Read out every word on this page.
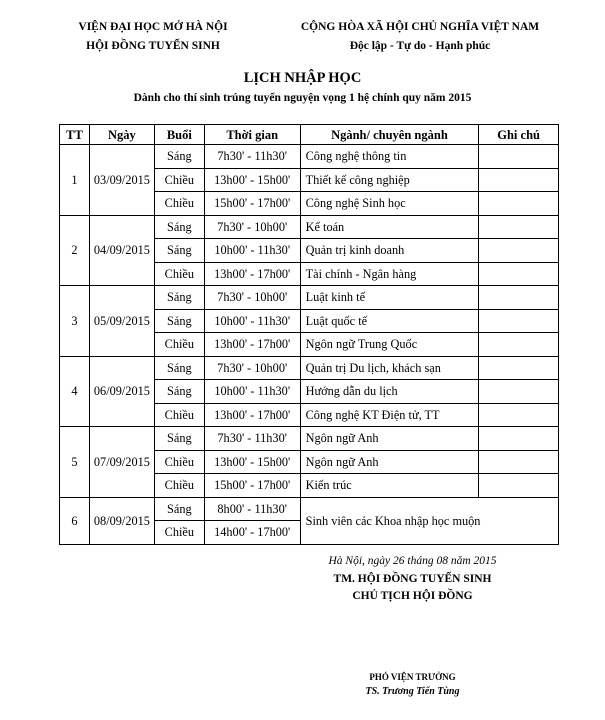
VIỆN ĐẠI HỌC MỞ HÀ NỘI
HỘI ĐỒNG TUYỂN SINH
CỘNG HÒA XÃ HỘI CHỦ NGHĨA VIỆT NAM
Độc lập - Tự do - Hạnh phúc
LỊCH NHẬP HỌC
Dành cho thí sinh trúng tuyển nguyện vọng 1 hệ chính quy năm 2015
TT	Ngày	Buổi	Thời gian	Ngành/ chuyên ngành	Ghi chú
1	03/09/2015	Sáng	7h30' - 11h30'	Công nghệ thông tin	
		Chiều	13h00' - 15h00'	Thiết kế công nghiệp	
		Chiều	15h00' - 17h00'	Công nghệ Sinh học	
2	04/09/2015	Sáng	7h30' - 10h00'	Kế toán	
		Sáng	10h00' - 11h30'	Quản trị kinh doanh	
		Chiều	13h00' - 17h00'	Tài chính - Ngân hàng	
3	05/09/2015	Sáng	7h30' - 10h00'	Luật kinh tế	
		Sáng	10h00' - 11h30'	Luật quốc tế	
		Chiều	13h00' - 17h00'	Ngôn ngữ Trung Quốc	
4	06/09/2015	Sáng	7h30' - 10h00'	Quản trị Du lịch, khách sạn	
		Sáng	10h00' - 11h30'	Hướng dẫn du lịch	
		Chiều	13h00' - 17h00'	Công nghệ KT Điện tử, TT	
5	07/09/2015	Sáng	7h30' - 11h30'	Ngôn ngữ Anh	
		Chiều	13h00' - 15h00'	Ngôn ngữ Anh	
		Chiều	15h00' - 17h00'	Kiến trúc	
6	08/09/2015	Sáng	8h00' - 11h30'	Sinh viên các Khoa nhập học muộn	
		Chiều	14h00' - 17h00'		
Hà Nội, ngày 26 tháng 08 năm 2015
TM. HỘI ĐỒNG TUYỂN SINH
CHỦ TỊCH HỘI ĐỒNG
PHÓ VIỆN TRƯỞNG
TS. Trương Tiến Tùng
